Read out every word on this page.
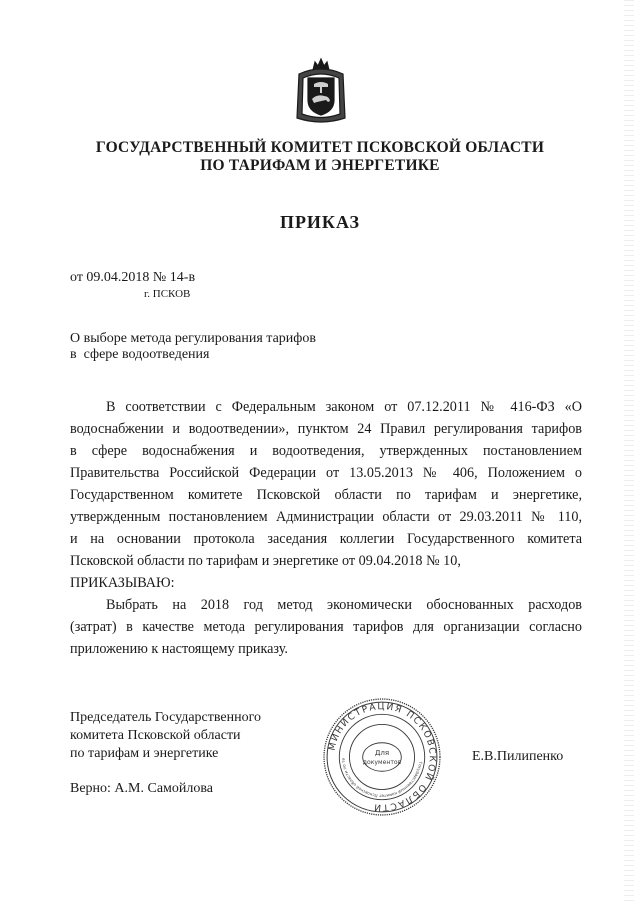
ГОСУДАРСТВЕННЫЙ КОМИТЕТ ПСКОВСКОЙ ОБЛАСТИ
ПО ТАРИФАМ И ЭНЕРГЕТИКЕ
ПРИКАЗ
от 09.04.2018 № 14-в
г. ПСКОВ
О выборе метода регулирования тарифов
в  сфере водоотведения
В соответствии с Федеральным законом от 07.12.2011 № 416-ФЗ «О
водоснабжении и водоотведении», пунктом 24 Правил регулирования тарифов
в сфере водоснабжения и водоотведения, утвержденных постановлением
Правительства Российской Федерации от 13.05.2013 № 406, Положением о
Государственном комитете Псковской области по тарифам и энергетике,
утвержденным постановлением Администрации области от 29.03.2011 № 110,
и на основании протокола заседания коллегии Государственного комитета
Псковской области по тарифам и энергетике от 09.04.2018 № 10,
ПРИКАЗЫВАЮ:
Выбрать на 2018 год метод экономически обоснованных расходов
(затрат) в качестве метода регулирования тарифов для организации согласно
приложению к настоящему приказу.
Председатель Государственного
комитета Псковской области
по тарифам и энергетике	Е.В.Пилипенко
Верно: А.М. Самойлова
МИНИСТРАЦИЯ ПСКОВСКОЙ ОБЛАСТИ
Государственный комитет Псковской области по та
Для
документов
